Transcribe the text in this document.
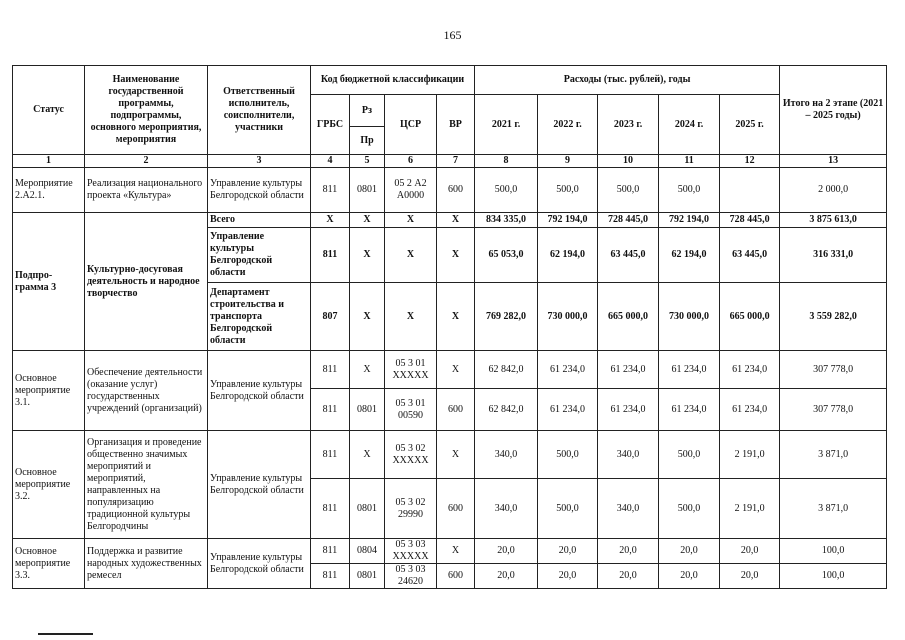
165
Статус	Наименование государственной программы, подпрограммы, основного мероприятия, мероприятия	Ответственный исполнитель, соисполнители, участники	Код бюджетной классификации				Расходы (тыс. рублей), годы					Итого на 2 этапе (2021 – 2025 годы)
			ГРБС	Рз	ЦСР	ВР	2021 г.	2022 г.	2023 г.	2024 г.	2025 г.	
				Пр								
1	2	3	4	5	6	7	8	9	10	11	12	13
Мероприятие 2.А2.1.	Реализация национального проекта «Культура»	Управление культуры Белгородской области	811	0801	05 2 А2 А0000	600	500,0	500,0	500,0	500,0		2 000,0
Подпро-грамма 3	Культурно-досуговая деятельность и народное творчество	Всего	Х	Х	Х	Х	834 335,0	792 194,0	728 445,0	792 194,0	728 445,0	3 875 613,0
		Управление культуры Белгородской области	811	Х	Х	Х	65 053,0	62 194,0	63 445,0	62 194,0	63 445,0	316 331,0
		Департамент строительства и транспорта Белгородской области	807	Х	Х	Х	769 282,0	730 000,0	665 000,0	730 000,0	665 000,0	3 559 282,0
Основное мероприятие 3.1.	Обеспечение деятельности (оказание услуг) государственных учреждений (организаций)	Управление культуры Белгородской области	811	Х	05 3 01 ХХХХХ	Х	62 842,0	61 234,0	61 234,0	61 234,0	61 234,0	307 778,0
			811	0801	05 3 01 00590	600	62 842,0	61 234,0	61 234,0	61 234,0	61 234,0	307 778,0
Основное мероприятие 3.2.	Организация и проведение общественно значимых мероприятий и мероприятий, направленных на популяризацию традиционной культуры Белгородчины	Управление культуры Белгородской области	811	Х	05 3 02 ХХХХХ	Х	340,0	500,0	340,0	500,0	2 191,0	3 871,0
			811	0801	05 3 02 29990	600	340,0	500,0	340,0	500,0	2 191,0	3 871,0
Основное мероприятие 3.3.	Поддержка и развитие народных художественных ремесел	Управление культуры Белгородской области	811	0804	05 3 03 ХХХХХ	Х	20,0	20,0	20,0	20,0	20,0	100,0
			811	0801	05 3 03 24620	600	20,0	20,0	20,0	20,0	20,0	100,0
